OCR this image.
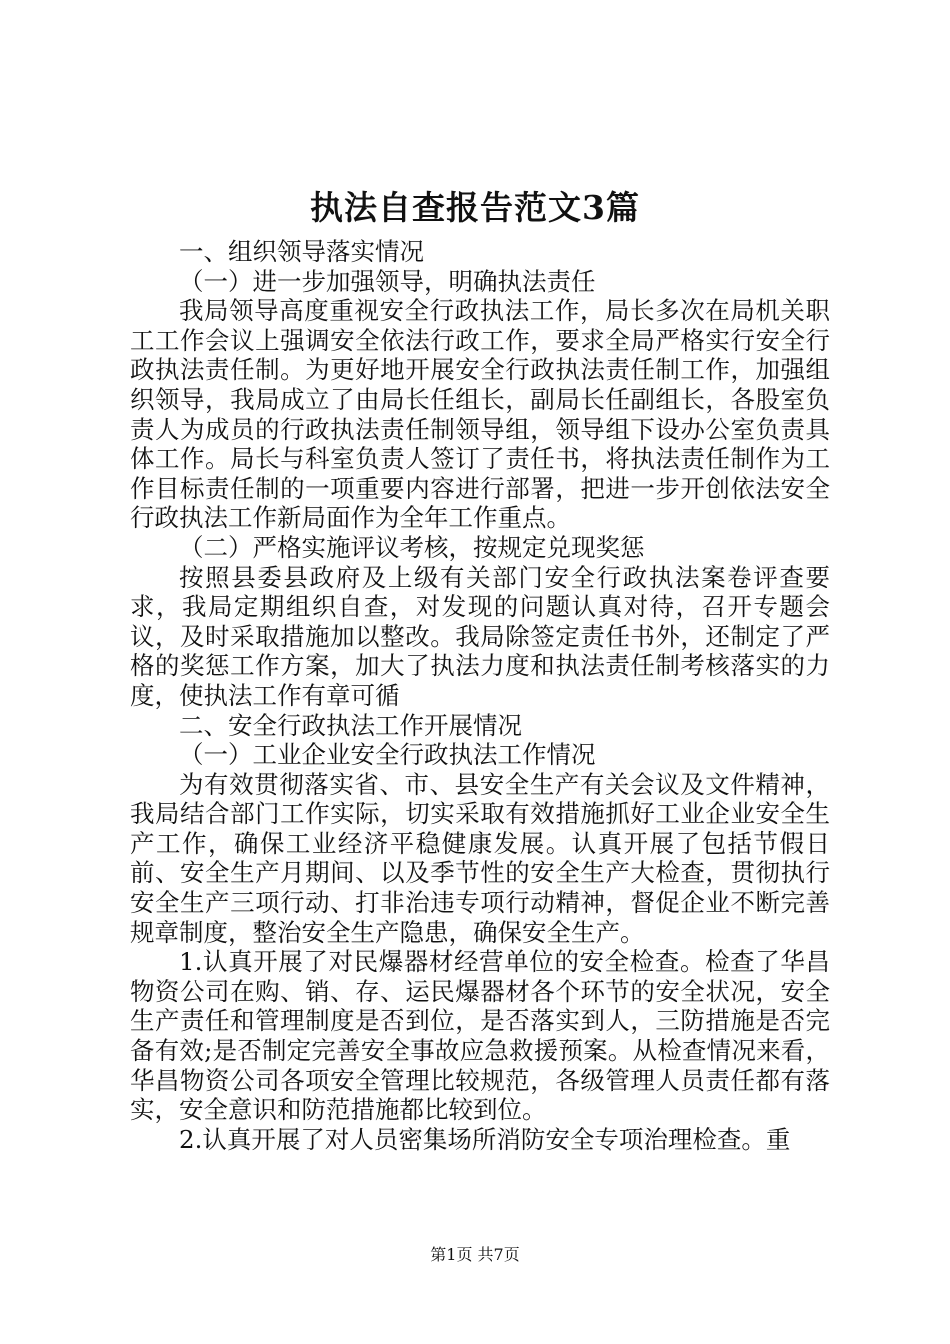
执法自查报告范文3篇

一、组织领导落实情况

（一）进一步加强领导，明确执法责任

我局领导高度重视安全行政执法工作，局长多次在局机关职工工作会议上强调安全依法行政工作，要求全局严格实行安全行政执法责任制。为更好地开展安全行政执法责任制工作，加强组织领导，我局成立了由局长任组长，副局长任副组长，各股室负责人为成员的行政执法责任制领导组，领导组下设办公室负责具体工作。局长与科室负责人签订了责任书，将执法责任制作为工作目标责任制的一项重要内容进行部署，把进一步开创依法安全行政执法工作新局面作为全年工作重点。

（二）严格实施评议考核，按规定兑现奖惩

按照县委县政府及上级有关部门安全行政执法案卷评查要求，我局定期组织自查，对发现的问题认真对待，召开专题会议，及时采取措施加以整改。我局除签定责任书外，还制定了严格的奖惩工作方案，加大了执法力度和执法责任制考核落实的力度，使执法工作有章可循

二、安全行政执法工作开展情况

（一）工业企业安全行政执法工作情况

为有效贯彻落实省、市、县安全生产有关会议及文件精神，我局结合部门工作实际，切实采取有效措施抓好工业企业安全生产工作，确保工业经济平稳健康发展。认真开展了包括节假日前、安全生产月期间、以及季节性的安全生产大检查，贯彻执行安全生产三项行动、打非治违专项行动精神，督促企业不断完善规章制度，整治安全生产隐患，确保安全生产。

1.认真开展了对民爆器材经营单位的安全检查。检查了华昌物资公司在购、销、存、运民爆器材各个环节的安全状况，安全生产责任和管理制度是否到位，是否落实到人，三防措施是否完备有效;是否制定完善安全事故应急救援预案。从检查情况来看，华昌物资公司各项安全管理比较规范，各级管理人员责任都有落实，安全意识和防范措施都比较到位。

2.认真开展了对人员密集场所消防安全专项治理检查。重

第1页 共7页
